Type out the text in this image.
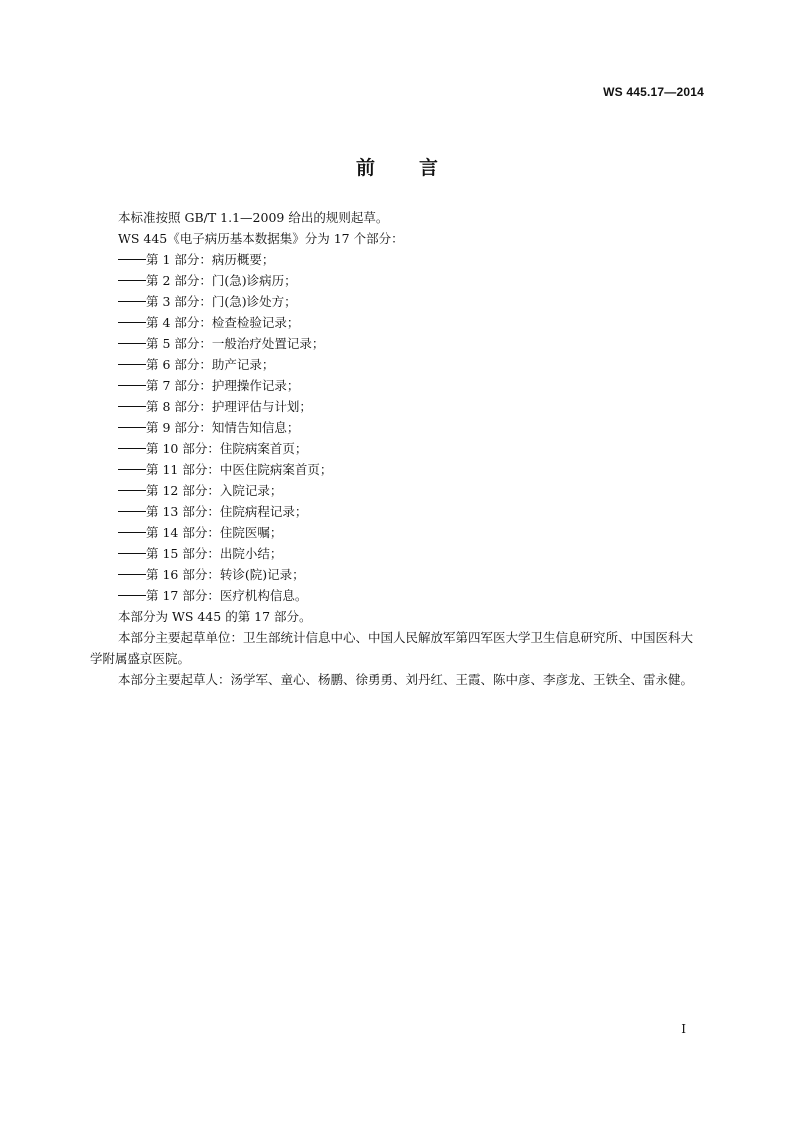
WS 445.17—2014
前言

本标准按照 GB/T 1.1—2009 给出的规则起草。

WS 445《电子病历基本数据集》分为 17 个部分：

第 1 部分：病历概要；
第 2 部分：门(急)诊病历；
第 3 部分：门(急)诊处方；
第 4 部分：检查检验记录；
第 5 部分：一般治疗处置记录；
第 6 部分：助产记录；
第 7 部分：护理操作记录；
第 8 部分：护理评估与计划；
第 9 部分：知情告知信息；
第 10 部分：住院病案首页；
第 11 部分：中医住院病案首页；
第 12 部分：入院记录；
第 13 部分：住院病程记录；
第 14 部分：住院医嘱；
第 15 部分：出院小结；
第 16 部分：转诊(院)记录；
第 17 部分：医疗机构信息。

本部分为 WS 445 的第 17 部分。

本部分主要起草单位：卫生部统计信息中心、中国人民解放军第四军医大学卫生信息研究所、中国医科大学附属盛京医院。

本部分主要起草人：汤学军、童心、杨鹏、徐勇勇、刘丹红、王霞、陈中彦、李彦龙、王铁全、雷永健。

I
